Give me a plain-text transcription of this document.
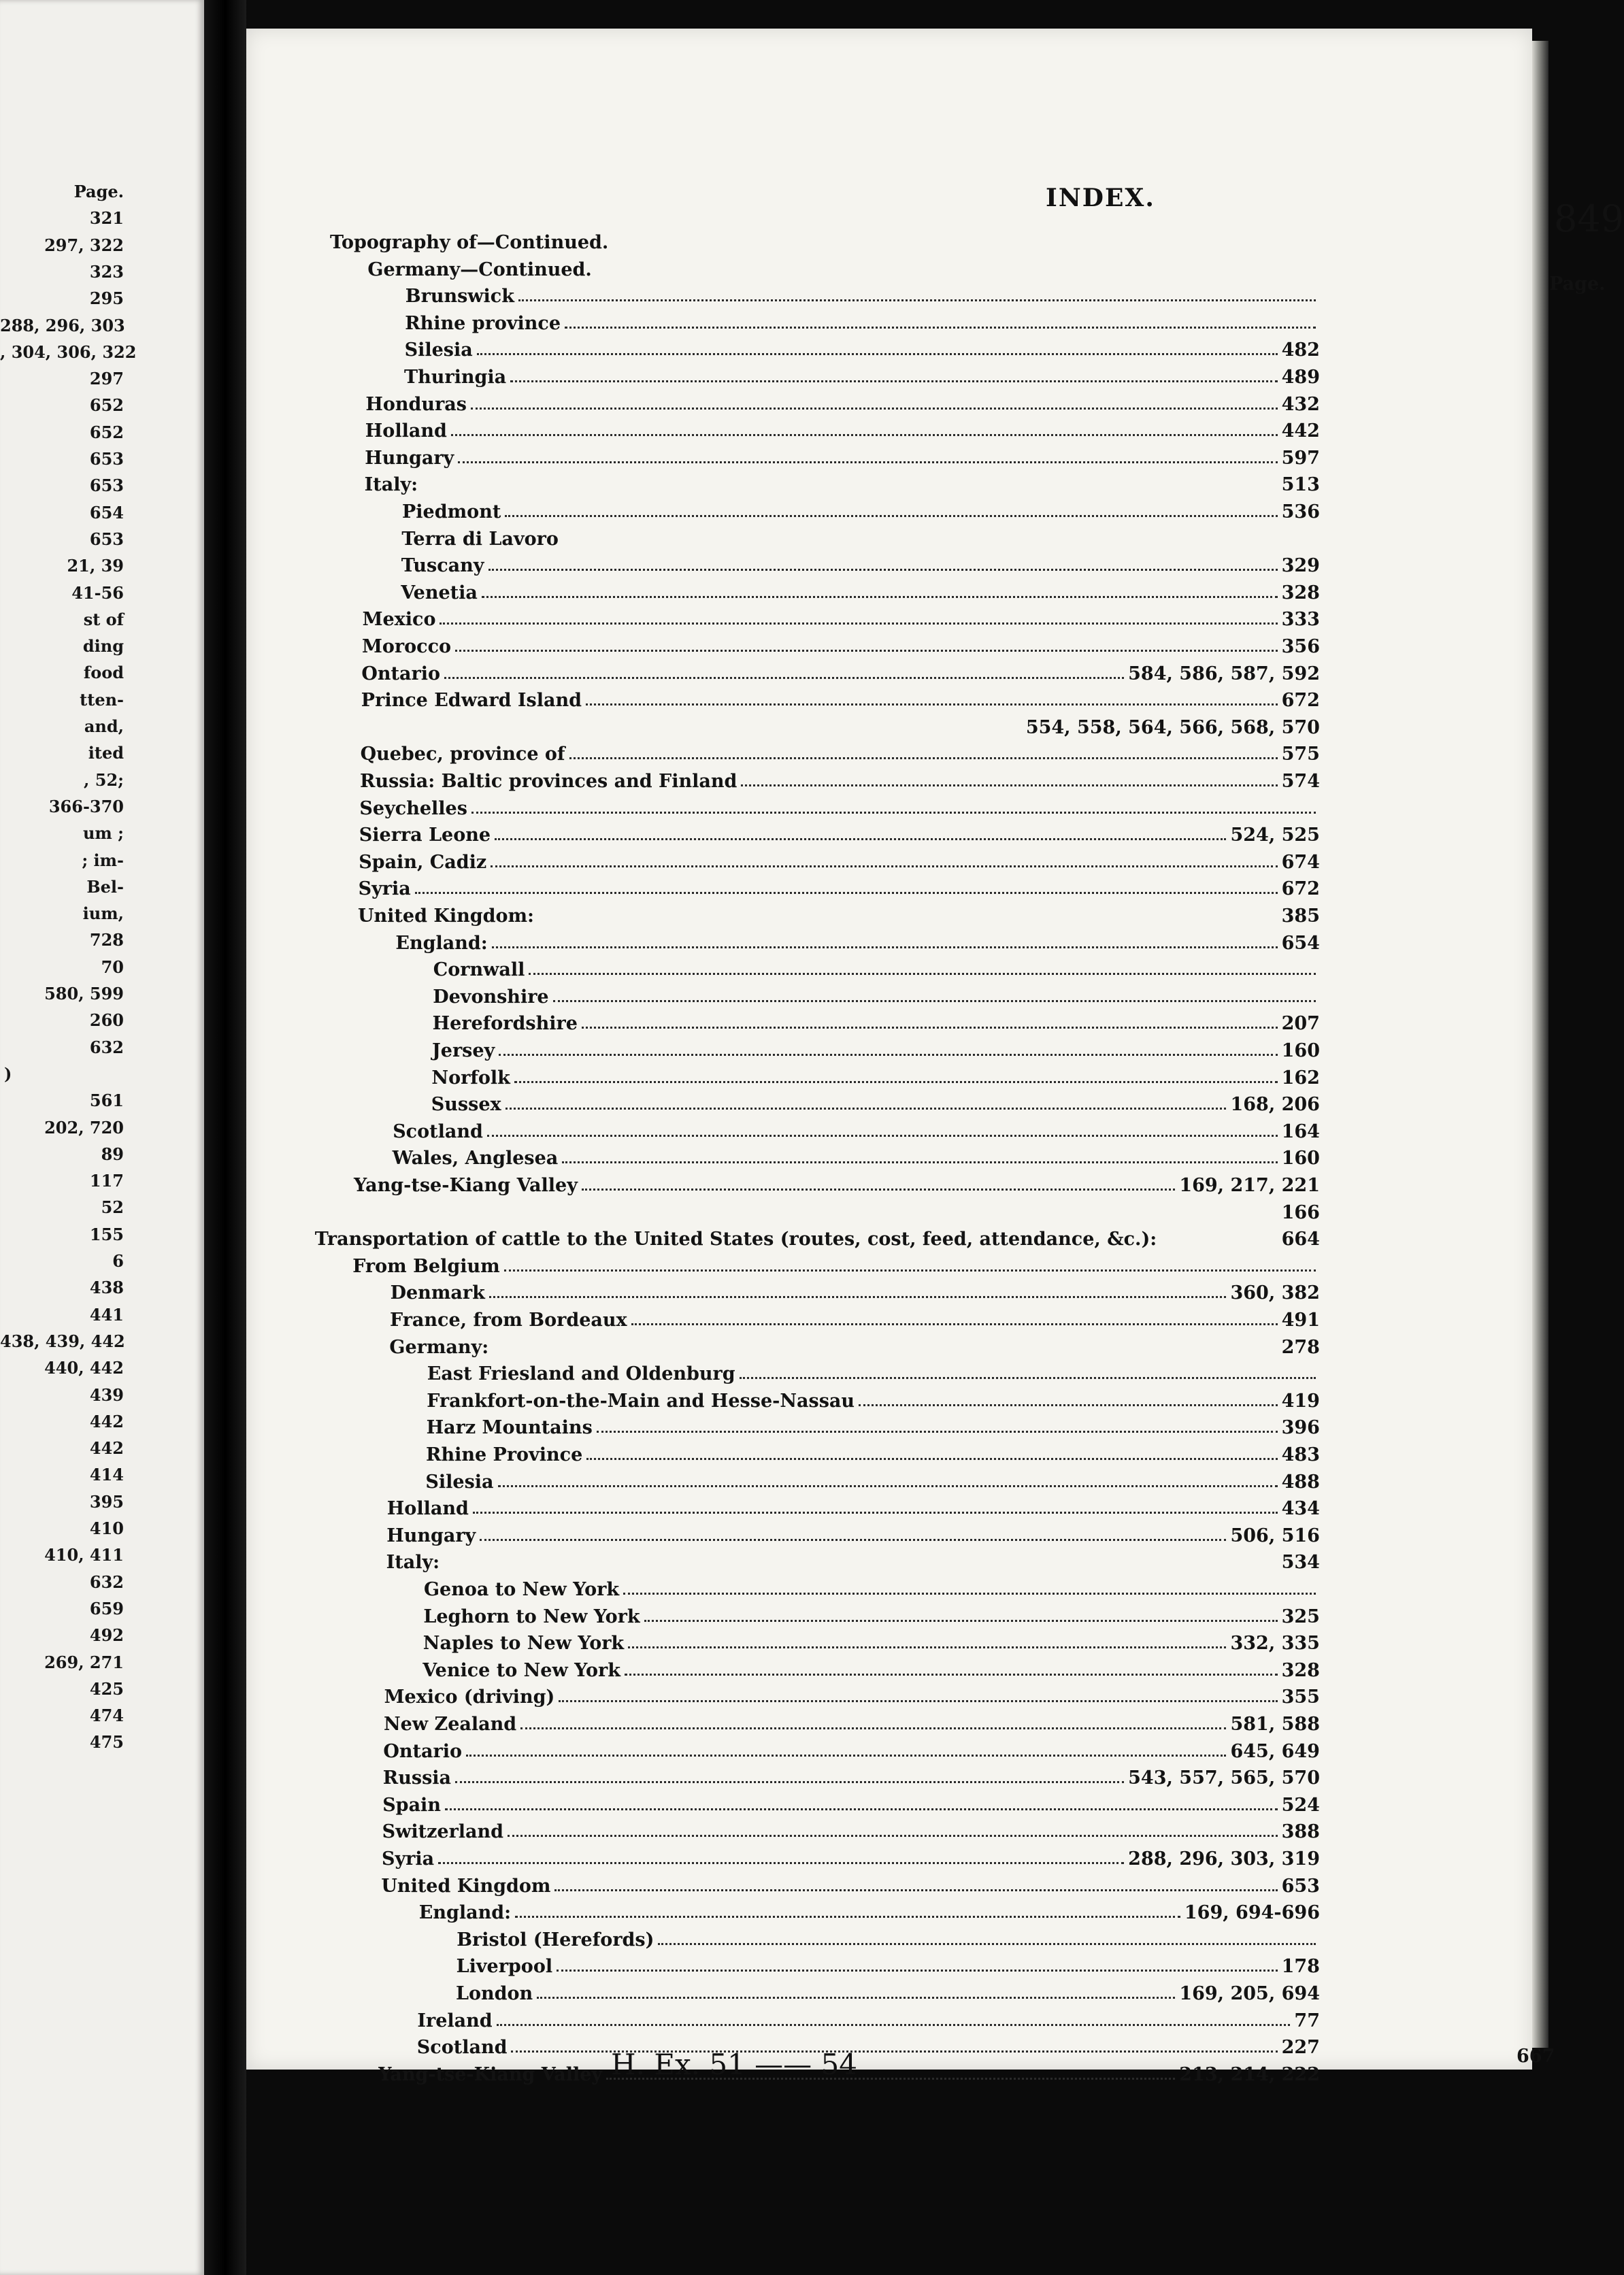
Page.
321
297, 322
323
295
288, 296, 303
, 304, 306, 322
297
652
652
653
653
654
653
21, 39
41-56
st of
ding
food
tten-
and,
ited
, 52;
366-370
um ;
; im-
Bel-
ium,
728
70
580, 599
260
632
)
561
202, 720
89
117
52
155
6
438
441
438, 439, 442
440, 442
439
442
442
414
395
410
410, 411
632
659
492
269, 271
425
474
475
INDEX.	849
Page.
Topography of—Continued.
Germany—Continued.
Brunswick
Rhine province
Silesia	482
Thuringia	489
Honduras	432
Holland	442
Hungary	597
Italy:	513
Piedmont	536
Terra di Lavoro
Tuscany	329
Venetia	328
Mexico	333
Morocco	356
Ontario	584, 586, 587, 592
Prince Edward Island	672
554, 558, 564, 566, 568, 570
Quebec, province of	575
Russia: Baltic provinces and Finland	574
Seychelles
Sierra Leone	524, 525
Spain, Cadiz	674
Syria	672
United Kingdom:	385
England:	654
Cornwall
Devonshire
Herefordshire	207
Jersey	160
Norfolk	162
Sussex	168, 206
Scotland	164
Wales, Anglesea	160
Yang-tse-Kiang Valley	169, 217, 221
166
Transportation of cattle to the United States (routes, cost, feed, attendance, &c.):	664
From Belgium
Denmark	360, 382
France, from Bordeaux	491
Germany:	278
East Friesland and Oldenburg
Frankfort-on-the-Main and Hesse-Nassau	419
Harz Mountains	396
Rhine Province	483
Silesia	488
Holland	434
Hungary	506, 516
Italy:	534
Genoa to New York
Leghorn to New York	325
Naples to New York	332, 335
Venice to New York	328
Mexico (driving)	355
New Zealand	581, 588
Ontario	645, 649
Russia	543, 557, 565, 570
Spain	524
Switzerland	388
Syria	288, 296, 303, 319
United Kingdom	653
England:	169, 694-696
Bristol (Herefords)
Liverpool	178
London	169, 205, 694
Ireland	77
Scotland	227
Yang-tse-Kiang Valley	213, 214, 222
H. Ex. 51 —— 54	667
